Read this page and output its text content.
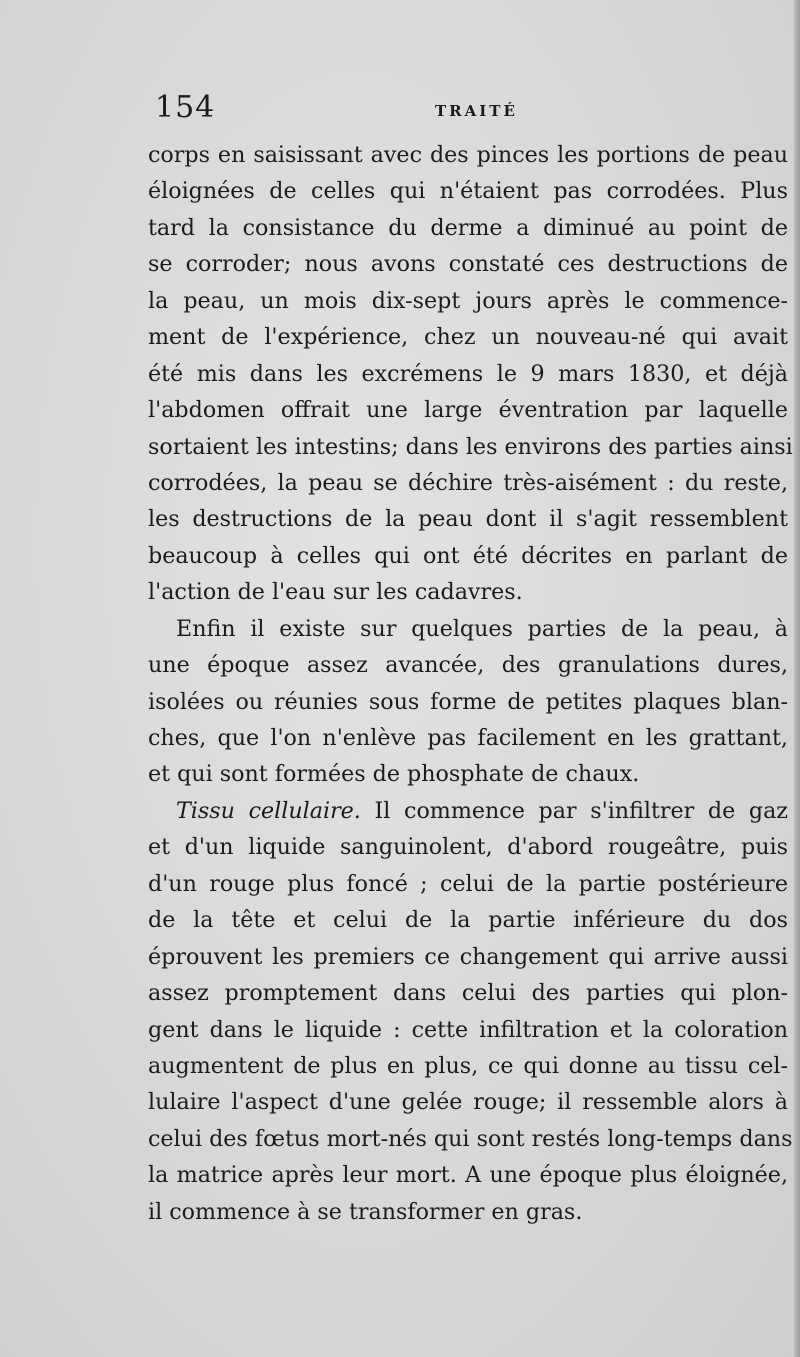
154	TRAITÉ
corps en saisissant avec des pinces les portions de peau
éloignées de celles qui n'étaient pas corrodées. Plus
tard la consistance du derme a diminué au point de
se corroder; nous avons constaté ces destructions de
la peau, un mois dix-sept jours après le commence-
ment de l'expérience, chez un nouveau-né qui avait
été mis dans les excrémens le 9 mars 1830, et déjà
l'abdomen offrait une large éventration par laquelle
sortaient les intestins; dans les environs des parties ainsi
corrodées, la peau se déchire très-aisément : du reste,
les destructions de la peau dont il s'agit ressemblent
beaucoup à celles qui ont été décrites en parlant de
l'action de l'eau sur les cadavres.
Enfin il existe sur quelques parties de la peau, à
une époque assez avancée, des granulations dures,
isolées ou réunies sous forme de petites plaques blan-
ches, que l'on n'enlève pas facilement en les grattant,
et qui sont formées de phosphate de chaux.
Tissu cellulaire. Il commence par s'infiltrer de gaz
et d'un liquide sanguinolent, d'abord rougeâtre, puis
d'un rouge plus foncé ; celui de la partie postérieure
de la tête et celui de la partie inférieure du dos
éprouvent les premiers ce changement qui arrive aussi
assez promptement dans celui des parties qui plon-
gent dans le liquide : cette infiltration et la coloration
augmentent de plus en plus, ce qui donne au tissu cel-
lulaire l'aspect d'une gelée rouge; il ressemble alors à
celui des fœtus mort-nés qui sont restés long-temps dans
la matrice après leur mort. A une époque plus éloignée,
il commence à se transformer en gras.
